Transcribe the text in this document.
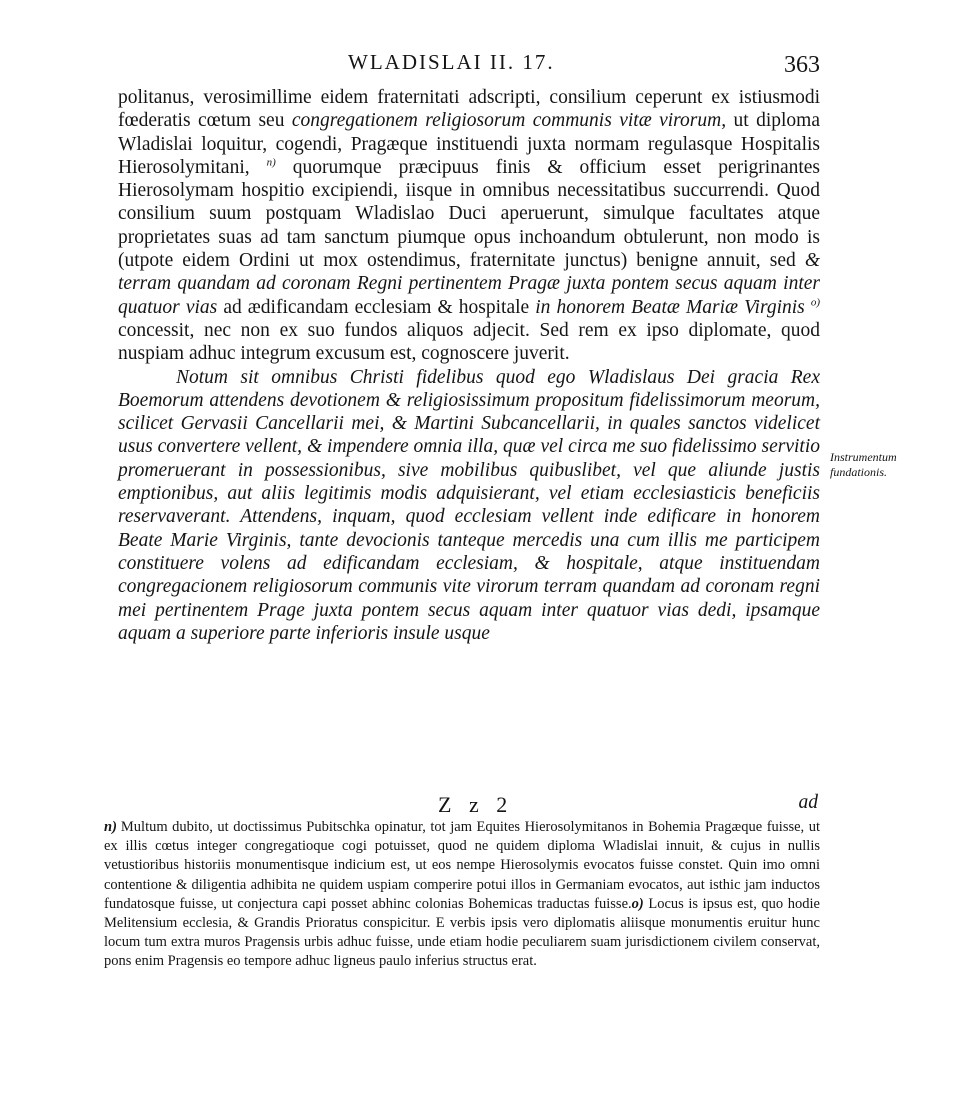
WLADISLAI II. 17.	363

politanus, verosimillime eidem fraternitati adscripti, consilium ceperunt ex istiusmodi fœderatis cœtum seu congregationem religiosorum communis vitæ virorum, ut diploma Wladislai loquitur, cogendi, Pragæque instituendi juxta normam regulasque Hospitalis Hierosolymitani, $^{n)}$ quorumque præcipuus finis & officium esset perigrinantes Hierosolymam hospitio excipiendi, iisque in omnibus necessitatibus succurrendi. Quod consilium suum postquam Wladislao Duci aperuerunt, simulque facultates atque proprietates suas ad tam sanctum piumque opus inchoandum obtulerunt, non modo is (utpote eidem Ordini ut mox ostendimus, fraternitate junctus) benigne annuit, sed & terram quandam ad coronam Regni pertinentem Pragæ juxta pontem secus aquam inter quatuor vias ad ædificandam ecclesiam & hospitale in honorem Beatæ Mariæ Virginis $^{o)}$ concessit, nec non ex suo fundos aliquos adjecit. Sed rem ex ipso diplomate, quod nuspiam adhuc integrum excusum est, cognoscere juverit.

Notum sit omnibus Christi fidelibus quod ego Wladislaus Dei gracia Rex Boemorum attendens devotionem & religiosissimum propositum fidelissimorum meorum, scilicet Gervasii Cancellarii mei, & Martini Subcancellarii, in quales sanctos videlicet usus convertere vellent, & impendere omnia illa, quæ vel circa me suo fidelissimo servitio promeruerant in possessionibus, sive mobilibus quibuslibet, vel que aliunde justis emptionibus, aut aliis legitimis modis adquisierant, vel etiam ecclesiasticis beneficiis reservaverant. Attendens, inquam, quod ecclesiam vellent inde edificare in honorem Beate Marie Virginis, tante devocionis tanteque mercedis una cum illis me participem constituere volens ad edificandam ecclesiam, & hospitale, atque instituendam congregacionem religiosorum communis vite virorum terram quandam ad coronam regni mei pertinentem Prage juxta pontem secus aquam inter quatuor vias dedi, ipsamque aquam a superiore parte inferioris insule usque

Instrumentum fundationis.
Z z 2	ad

n) Multum dubito, ut doctissimus Pubitschka opinatur, tot jam Equites Hierosolymitanos in Bohemia Pragæque fuisse, ut ex illis cœtus integer congregatioque cogi potuisset, quod ne quidem diploma Wladislai innuit, & cujus in nullis vetustioribus historiis monumentisque indicium est, ut eos nempe Hierosolymis evocatos fuisse constet. Quin imo omni contentione & diligentia adhibita ne quidem uspiam comperire potui illos in Germaniam evocatos, aut isthic jam inductos fundatosque fuisse, ut conjectura capi posset abhinc colonias Bohemicas traductas fuisse.o) Locus is ipsus est, quo hodie Melitensium ecclesia, & Grandis Prioratus conspicitur. E verbis ipsis vero diplomatis aliisque monumentis eruitur hunc locum tum extra muros Pragensis urbis adhuc fuisse, unde etiam hodie peculiarem suam jurisdictionem civilem conservat, pons enim Pragensis eo tempore adhuc ligneus paulo inferius structus erat.
